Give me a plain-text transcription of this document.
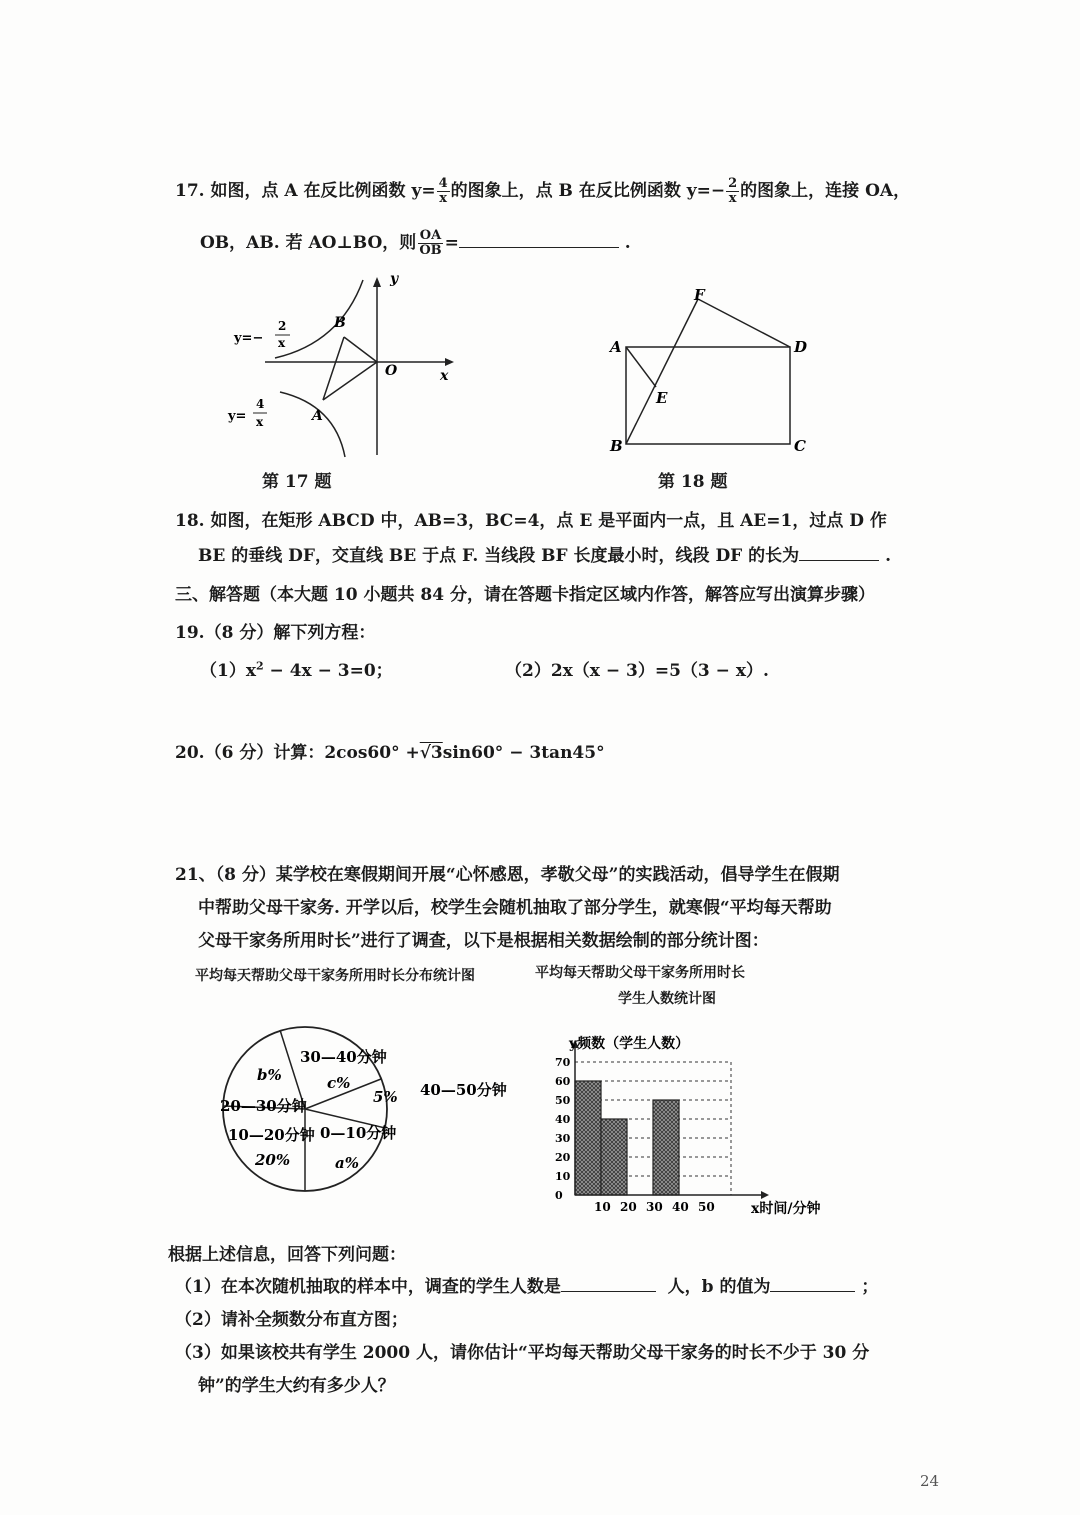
17. 如图，点 A 在反比例函数 $y= \frac{4}{x}$ 的图象上，点 B 在反比例函数 $y=- \frac{2}{x}$ 的图象上，连接 OA，
OB，AB. 若 AO⊥BO，则 $\frac{OA}{OB}$ =	.
B
A
O	x
y
y=−
2
x
y=
4
x
第 17 题
A
B	C
D
E
F
第 18 题
18. 如图，在矩形 ABCD 中，AB=3，BC=4，点 E 是平面内一点，且 AE=1，过点 D 作
BE 的垂线 DF，交直线 BE 于点 F. 当线段 BF 长度最小时，线段 DF 的长为	.
三、解答题（本大题 10 小题共 84 分，请在答题卡指定区域内作答，解答应写出演算步骤）
19.（8 分）解下列方程：
$(1)x^2 - 4x - 3=0$；	（2）2x（x − 3）=5（3 − x）.
20.（6 分）计算：2cos60° +√3sin60° − 3tan45°
21、（8 分）某学校在寒假期间开展“心怀感恩，孝敬父母”的实践活动，倡导学生在假期
中帮助父母干家务. 开学以后，校学生会随机抽取了部分学生，就寒假“平均每天帮助
父母干家务所用时长”进行了调查，以下是根据相关数据绘制的部分统计图：
平均每天帮助父母干家务所用时长分布统计图	平均每天帮助父母干家务所用时长
学生人数统计图
0—10分钟
a%
10—20分钟
20%
20—30分钟
b%
30—40分钟
c%	40—50分钟
5%
0
10
20
30
40
50
60
70
10 20 30 40 50
y频数（学生人数）
x时间/分钟
根据上述信息，回答下列问题：
（1）在本次随机抽取的样本中，调查的学生人数是	人，b 的值为	；
（2）请补全频数分布直方图；
（3）如果该校共有学生 2000 人，请你估计“平均每天帮助父母干家务的时长不少于 30 分
钟”的学生大约有多少人？
24
